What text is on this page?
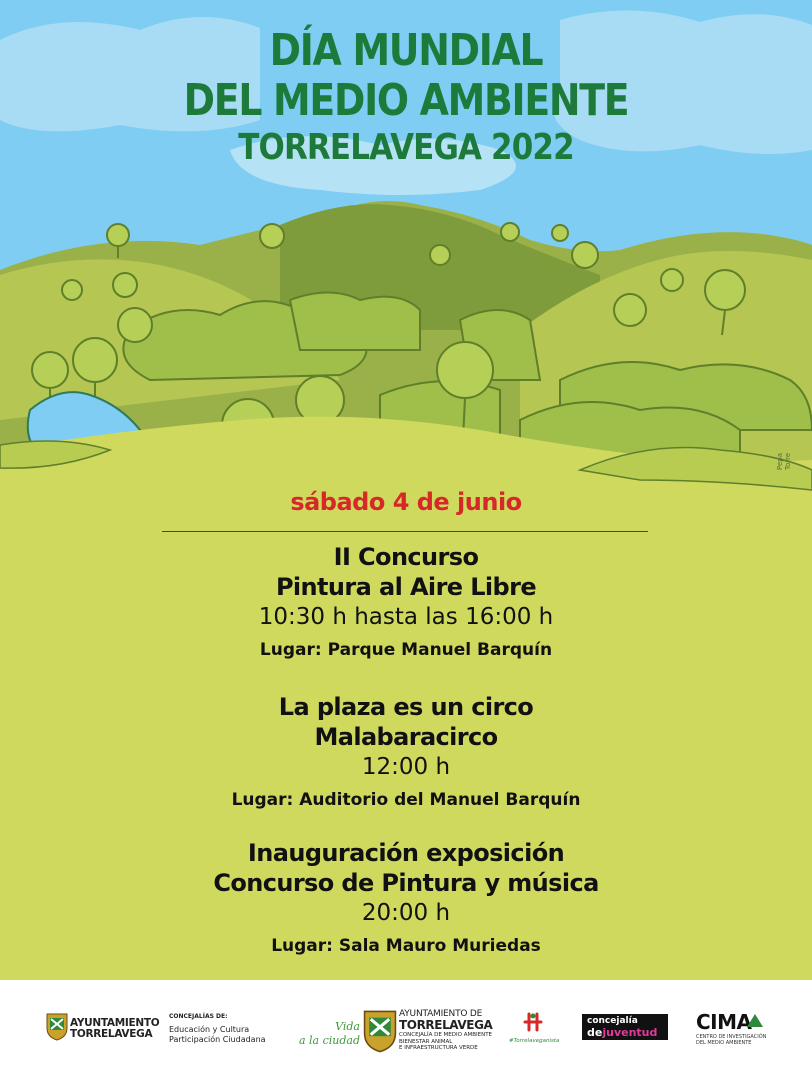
DÍA MUNDIAL
DEL MEDIO AMBIENTE
TORRELAVEGA 2022
Pepa Torre
sábado 4 de junio
II Concurso
Pintura al Aire Libre
10:30 h hasta las 16:00 h
Lugar: Parque Manuel Barquín
La plaza es un circo
Malabaracirco
12:00 h
Lugar: Auditorio del Manuel Barquín
Inauguración exposición
Concurso de Pintura y música
20:00 h
Lugar: Sala Mauro Muriedas
AYUNTAMIENTO
TORRELAVEGA
CONCEJALÍAS DE:
Educación y Cultura
Participación Ciudadana
Vida
a la ciudad
AYUNTAMIENTO DE
TORRELAVEGA
CONCEJALÍA DE MEDIO AMBIENTE
BIENESTAR ANIMAL
E INFRAESTRUCTURA VERDE
#Torrelaveganista
concejalía
dejuventud CIMA
CENTRO DE INVESTIGACIÓN
DEL MEDIO AMBIENTE
